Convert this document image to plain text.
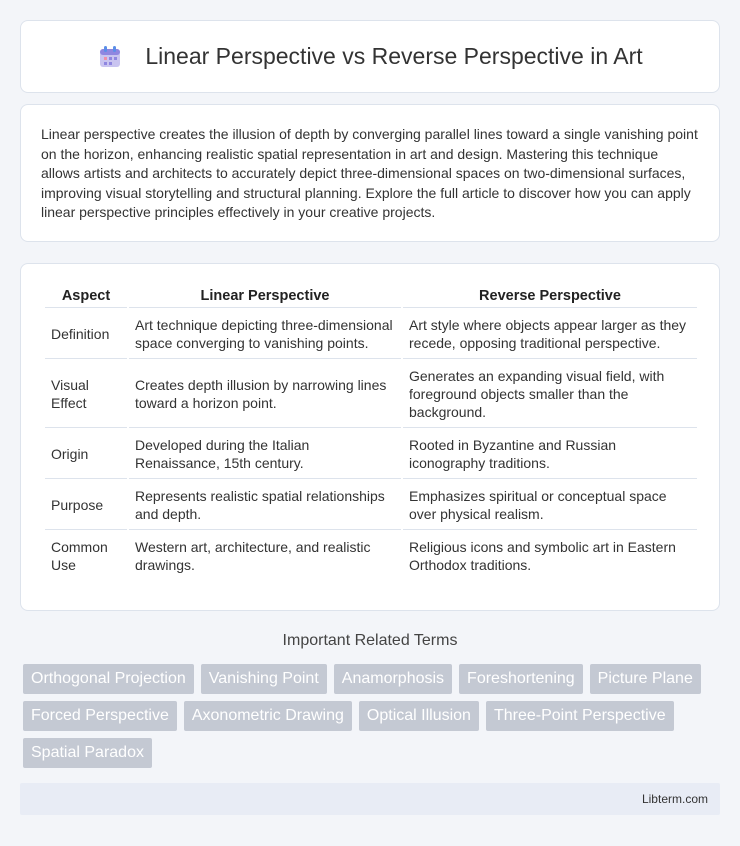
Linear Perspective vs Reverse Perspective in Art

Linear perspective creates the illusion of depth by converging parallel lines toward a single vanishing point on the horizon, enhancing realistic spatial representation in art and design. Mastering this technique allows artists and architects to accurately depict three-dimensional spaces on two-dimensional surfaces, improving visual storytelling and structural planning. Explore the full article to discover how you can apply linear perspective principles effectively in your creative projects.

Aspect	Linear Perspective	Reverse Perspective
Definition	Art technique depicting three-dimensional space converging to vanishing points.	Art style where objects appear larger as they recede, opposing traditional perspective.
Visual Effect	Creates depth illusion by narrowing lines toward a horizon point.	Generates an expanding visual field, with foreground objects smaller than the background.
Origin	Developed during the Italian Renaissance, 15th century.	Rooted in Byzantine and Russian iconography traditions.
Purpose	Represents realistic spatial relationships and depth.	Emphasizes spiritual or conceptual space over physical realism.
Common Use	Western art, architecture, and realistic drawings.	Religious icons and symbolic art in Eastern Orthodox traditions.
Important Related Terms
Orthogonal Projection	Vanishing Point	Anamorphosis	Foreshortening	Picture Plane
Forced Perspective	Axonometric Drawing	Optical Illusion	Three-Point Perspective
Spatial Paradox
Libterm.com
